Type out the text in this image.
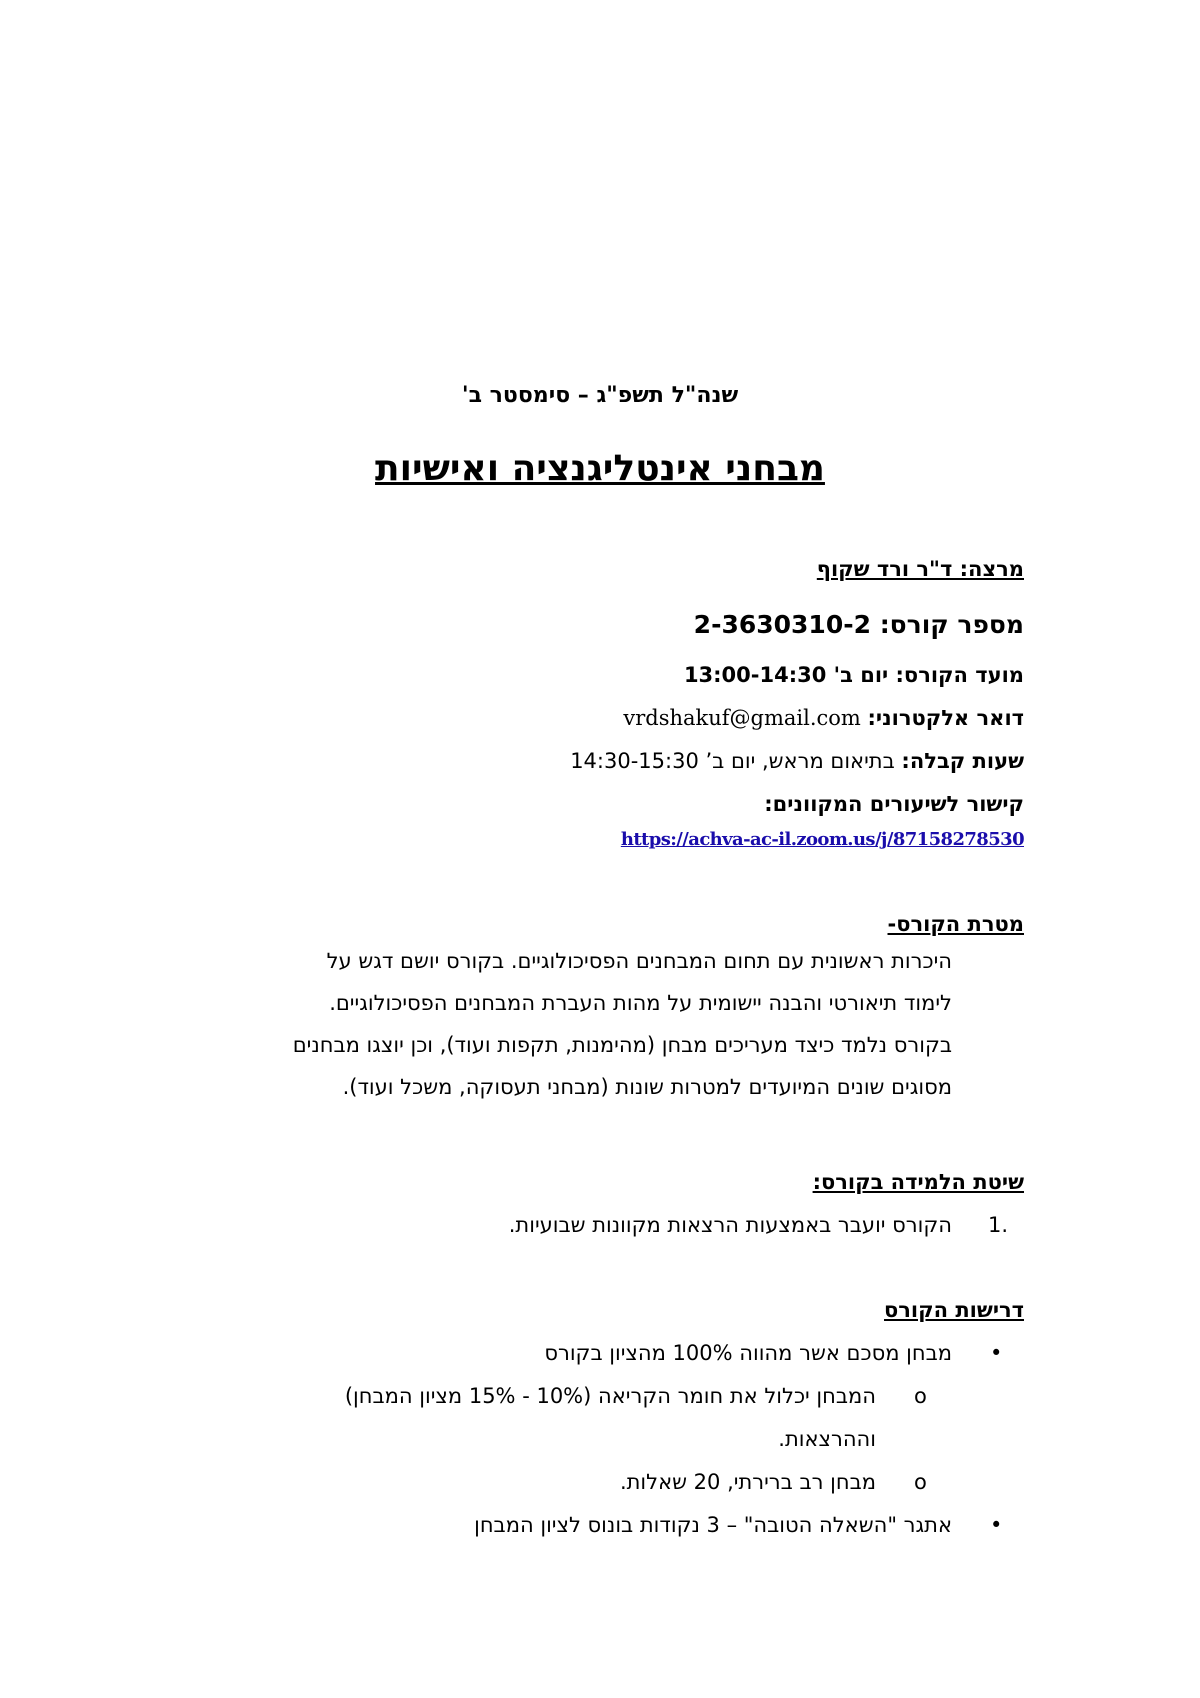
שנה"ל תשפ"ג – סימסטר ב'
מבחני אינטליגנציה ואישיות
מרצה: ד"ר ורד שקוף
מספר קורס: 2-3630310-2
מועד הקורס: יום ב' 13:00-14:30
דואר אלקטרוני: vrdshakuf@gmail.com
שעות קבלה: בתיאום מראש, יום ב’ 14:30-15:30
קישור לשיעורים המקוונים:
https://achva-ac-il.zoom.us/j/87158278530
מטרת הקורס-
היכרות ראשונית עם תחום המבחנים הפסיכולוגיים. בקורס יושם דגש על
לימוד תיאורטי והבנה יישומית על מהות העברת המבחנים הפסיכולוגיים.
בקורס נלמד כיצד מעריכים מבחן (מהימנות, תקפות ועוד), וכן יוצגו מבחנים
מסוגים שונים המיועדים למטרות שונות (מבחני תעסוקה, משכל ועוד).
שיטת הלמידה בקורס:
1.
הקורס יועבר באמצעות הרצאות מקוונות שבועיות.
דרישות הקורס
•
מבחן מסכם אשר מהווה 100% מהציון בקורס
o
המבחן יכלול את חומר הקריאה (10% - 15% מציון המבחן)
וההרצאות.
o
מבחן רב ברירתי, 20 שאלות.
•
אתגר "השאלה הטובה" – 3 נקודות בונוס לציון המבחן
